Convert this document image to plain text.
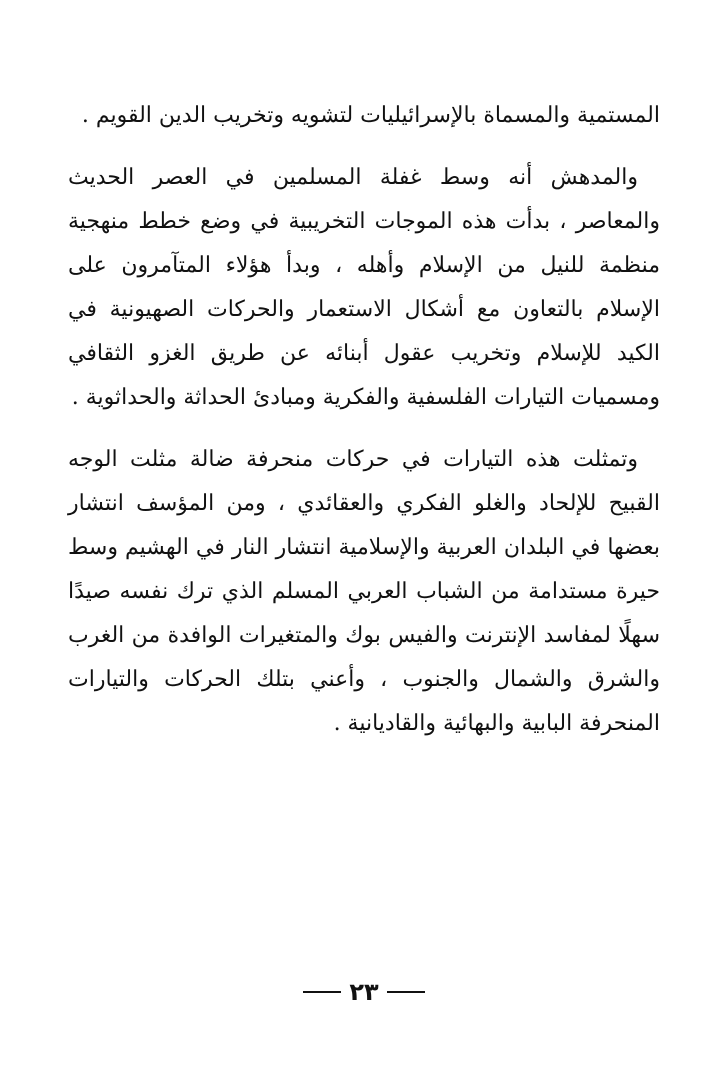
المستمية والمسماة بالإسرائيليات لتشويه وتخريب الدين القويم .

والمدهش أنه وسط غفلة المسلمين في العصر الحديث والمعاصر ، بدأت هذه الموجات التخريبية في وضع خطط منهجية منظمة للنيل من الإسلام وأهله ، وبدأ هؤلاء المتآمرون على الإسلام بالتعاون مع أشكال الاستعمار والحركات الصهيونية في الكيد للإسلام وتخريب عقول أبنائه عن طريق الغزو الثقافي ومسميات التيارات الفلسفية والفكرية ومبادئ الحداثة والحداثوية .

وتمثلت هذه التيارات في حركات منحرفة ضالة مثلت الوجه القبيح للإلحاد والغلو الفكري والعقائدي ، ومن المؤسف انتشار بعضها في البلدان العربية والإسلامية انتشار النار في الهشيم وسط حيرة مستدامة من الشباب العربي المسلم الذي ترك نفسه صيدًا سهلًا لمفاسد الإنترنت والفيس بوك والمتغيرات الوافدة من الغرب والشرق والشمال والجنوب ، وأعني بتلك الحركات والتيارات المنحرفة البابية والبهائية والقاديانية .

٢٣
